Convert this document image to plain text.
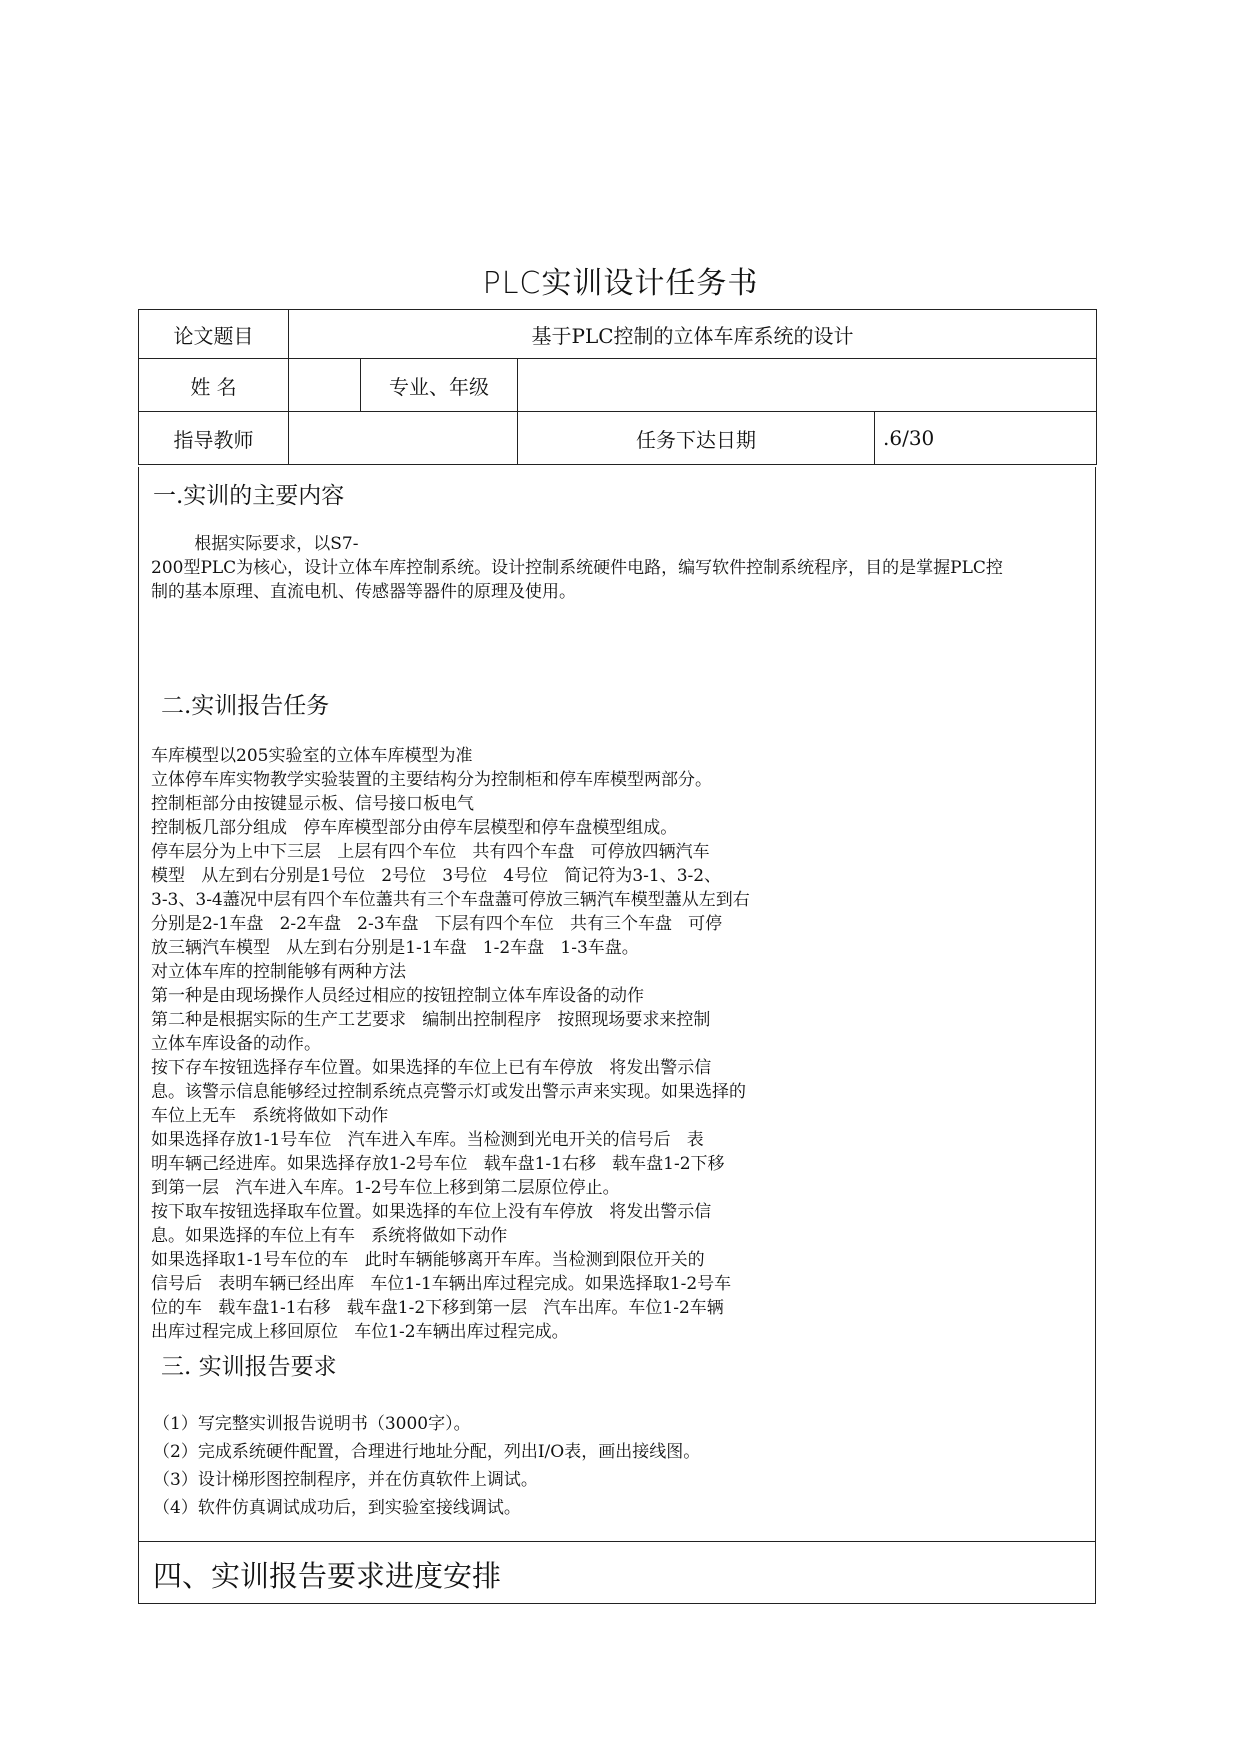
PLC实训设计任务书
论文题目	基于PLC控制的立体车库系统的设计			
姓 名		专业、年级		
指导教师			任务下达日期	.6/30
一.实训的主要内容
根据实际要求，以S7-
200型PLC为核心，设计立体车库控制系统。设计控制系统硬件电路，编写软件控制系统程序，目的是掌握PLC控
制的基本原理、直流电机、传感器等器件的原理及使用。
二.实训报告任务
车库模型以205实验室的立体车库模型为准
立体停车库实物教学实验装置的主要结构分为控制柜和停车库模型两部分。
控制柜部分由按键显示板、信号接口板电气
控制板几部分组成   停车库模型部分由停车层模型和停车盘模型组成。
停车层分为上中下三层   上层有四个车位   共有四个车盘   可停放四辆汽车
模型   从左到右分别是1号位   2号位   3号位   4号位   简记符为3-1、3-2、
3-3、3-4藎况中层有四个车位藎共有三个车盘藎可停放三辆汽车模型藎从左到右
分别是2-1车盘   2-2车盘   2-3车盘   下层有四个车位   共有三个车盘   可停
放三辆汽车模型   从左到右分别是1-1车盘   1-2车盘   1-3车盘。
对立体车库的控制能够有两种方法
第一种是由现场操作人员经过相应的按钮控制立体车库设备的动作
第二种是根据实际的生产工艺要求   编制出控制程序   按照现场要求来控制
立体车库设备的动作。
按下存车按钮选择存车位置。如果选择的车位上已有车停放   将发出警示信
息。该警示信息能够经过控制系统点亮警示灯或发出警示声来实现。如果选择的
车位上无车   系统将做如下动作
如果选择存放1-1号车位   汽车进入车库。当检测到光电开关的信号后   表
明车辆己经进库。如果选择存放1-2号车位   载车盘1-1右移   载车盘1-2下移
到第一层   汽车进入车库。1-2号车位上移到第二层原位停止。
按下取车按钮选择取车位置。如果选择的车位上没有车停放   将发出警示信
息。如果选择的车位上有车   系统将做如下动作
如果选择取1-1号车位的车   此时车辆能够离开车库。当检测到限位开关的
信号后   表明车辆已经出库   车位1-1车辆出库过程完成。如果选择取1-2号车
位的车   载车盘1-1右移   载车盘1-2下移到第一层   汽车出库。车位1-2车辆
出库过程完成上移回原位   车位1-2车辆出库过程完成。
三. 实训报告要求
（1）写完整实训报告说明书（3000字）。
（2）完成系统硬件配置，合理进行地址分配，列出I/O表，画出接线图。
（3）设计梯形图控制程序，并在仿真软件上调试。
（4）软件仿真调试成功后，到实验室接线调试。
四、实训报告要求进度安排
